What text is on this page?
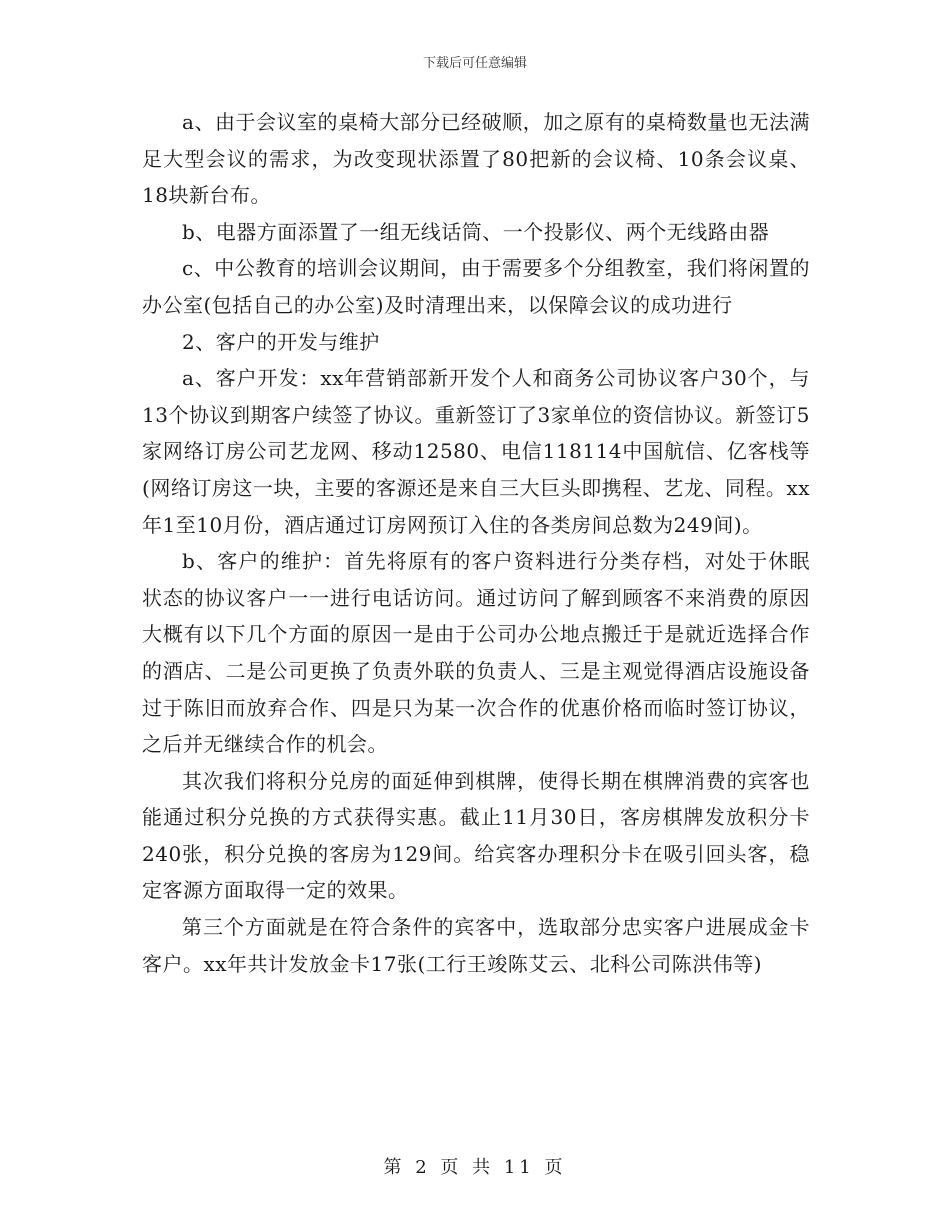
下载后可任意编辑

a、由于会议室的桌椅大部分已经破顺，加之原有的桌椅数量也无法满足大型会议的需求，为改变现状添置了80把新的会议椅、10条会议桌、18块新台布。

b、电器方面添置了一组无线话筒、一个投影仪、两个无线路由器

c、中公教育的培训会议期间，由于需要多个分组教室，我们将闲置的办公室(包括自己的办公室)及时清理出来，以保障会议的成功进行

2、客户的开发与维护

a、客户开发：xx年营销部新开发个人和商务公司协议客户30个，与13个协议到期客户续签了协议。重新签订了3家单位的资信协议。新签订5家网络订房公司艺龙网、移动12580、电信118114中国航信、亿客栈等(网络订房这一块，主要的客源还是来自三大巨头即携程、艺龙、同程。xx年1至10月份，酒店通过订房网预订入住的各类房间总数为249间)。

b、客户的维护：首先将原有的客户资料进行分类存档，对处于休眠状态的协议客户一一进行电话访问。通过访问了解到顾客不来消费的原因大概有以下几个方面的原因一是由于公司办公地点搬迁于是就近选择合作的酒店、二是公司更换了负责外联的负责人、三是主观觉得酒店设施设备过于陈旧而放弃合作、四是只为某一次合作的优惠价格而临时签订协议，之后并无继续合作的机会。

其次我们将积分兑房的面延伸到棋牌，使得长期在棋牌消费的宾客也能通过积分兑换的方式获得实惠。截止11月30日，客房棋牌发放积分卡240张，积分兑换的客房为129间。给宾客办理积分卡在吸引回头客，稳定客源方面取得一定的效果。

第三个方面就是在符合条件的宾客中，选取部分忠实客户进展成金卡客户。xx年共计发放金卡17张(工行王竣陈艾云、北科公司陈洪伟等)

第 2 页 共 11 页
